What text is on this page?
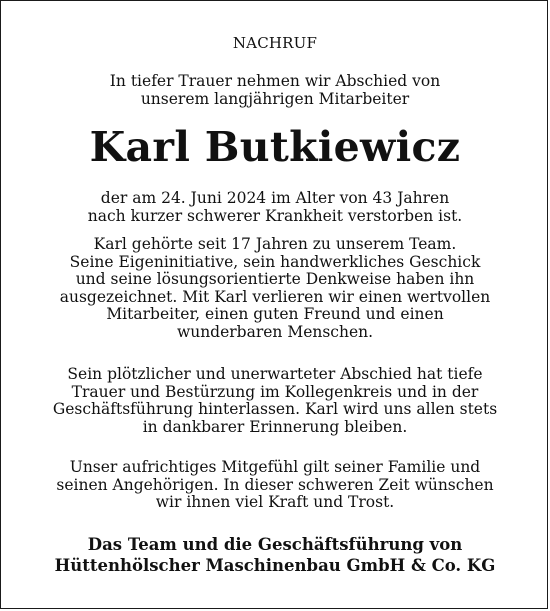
NACHRUF
In tiefer Trauer nehmen wir Abschied von
unserem langjährigen Mitarbeiter
Karl Butkiewicz
der am 24. Juni 2024 im Alter von 43 Jahren
nach kurzer schwerer Krankheit verstorben ist.
Karl gehörte seit 17 Jahren zu unserem Team.
Seine Eigeninitiative, sein handwerkliches Geschick
und seine lösungsorientierte Denkweise haben ihn
ausgezeichnet. Mit Karl verlieren wir einen wertvollen
Mitarbeiter, einen guten Freund und einen
wunderbaren Menschen.
Sein plötzlicher und unerwarteter Abschied hat tiefe
Trauer und Bestürzung im Kollegenkreis und in der
Geschäftsführung hinterlassen. Karl wird uns allen stets
in dankbarer Erinnerung bleiben.
Unser aufrichtiges Mitgefühl gilt seiner Familie und
seinen Angehörigen. In dieser schweren Zeit wünschen
wir ihnen viel Kraft und Trost.
Das Team und die Geschäftsführung von
Hüttenhölscher Maschinenbau GmbH & Co. KG
